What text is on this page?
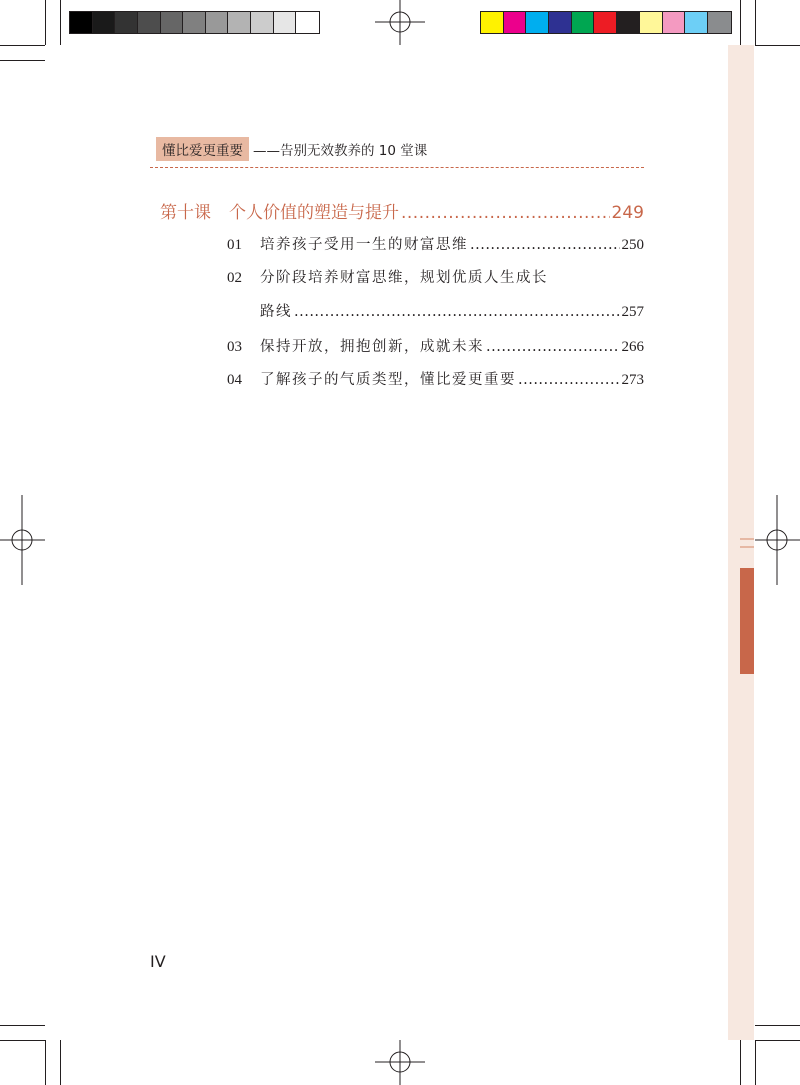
懂比爱更重要 ——告别无效教养的 10 堂课
第十课 个人价值的塑造与提升 .....	249
01	培养孩子受用一生的财富思维 .....	250
02	分阶段培养财富思维，规划优质人生成长
路线 .....	257
03	保持开放，拥抱创新，成就未来 .....	266
04	了解孩子的气质类型，懂比爱更重要 .....	273
IV
